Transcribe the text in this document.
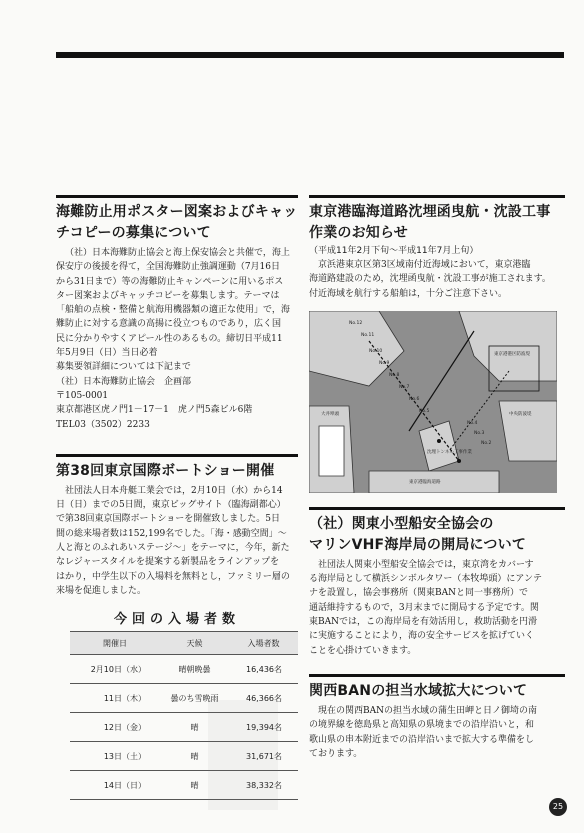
海難防止用ポスター図案およびキャッ
チコピーの募集について
（社）日本海難防止協会と海上保安協会と共催で，海上
保安庁の後援を得て，全国海難防止強調運動（7月16日
から31日まで）等の海難防止キャンペーンに用いるポス
ター図案およびキャッチコピーを募集します。テーマは
「船舶の点検・整備と航海用機器類の適正な使用」で，海
難防止に対する意識の高揚に役立つものであり，広く国
民に分かりやすくアピール性のあるもの。締切日平成11
年5月9日（日）当日必着
募集要領詳細については下記まで
（社）日本海難防止協会　企画部
〒105-0001
東京都港区虎ノ門1－17－1　虎ノ門5森ビル6階
TEL03（3502）2233
第38回東京国際ボートショー開催
社団法人日本舟艇工業会では，2月10日（水）から14
日（日）までの5日間，東京ビッグサイト（臨海副都心）
で第38回東京国際ボートショーを開催致しました。5日
間の総来場者数は152,199名でした。「海・感動空間」～
人と海とのふれあいステージ～」をテーマに，今年，新た
なレジャースタイルを提案する新製品をラインアップを
はかり，中学生以下の入場料を無料とし，ファミリー層の
来場を促進しました。
今回の入場者数
開催日	天候	入場者数
2月10日（水）	晴朝晩曇	16,436名
11日（木）	曇のち雪晩雨	46,366名
12日（金）	晴	19,394名
13日（土）	晴	31,671名
14日（日）	晴	38,332名
東京港臨海道路沈埋函曳航・沈設工事
作業のお知らせ
（平成11年2月下旬～平成11年7月上旬）
京浜港東京区第3区域南付近海域において，東京港臨
海道路建設のため，沈埋函曳航・沈設工事が施工されます。
付近海域を航行する船舶は，十分ご注意下さい。
No.12
No.11
No.10
No.9
No.8
No.7
No.6
No.5
No.4
No.3
No.2
沈埋トンネル工事作業
東京港臨海道路
中央防波堤
大井埠頭
東京港港区防波堤
（社）関東小型船安全協会の
マリンVHF海岸局の開局について
社団法人関東小型船安全協会では，東京湾をカバーす
る海岸局として横浜シンボルタワー（本牧埠頭）にアンテ
ナを設置し，協会事務所（関東BANと同一事務所）で
通話維持するもので，3月末までに開局する予定です。関
東BANでは，この海岸局を有効活用し，救助活動を円滑
に実施することにより，海の安全サービスを拡げていく
ことを心掛けていきます。
関西BANの担当水域拡大について
現在の関西BANの担当水域の蒲生田岬と日ノ御埼の南
の境界線を徳島県と高知県の県境までの沿岸沿いと，和
歌山県の串本附近までの沿岸沿いまで拡大する準備をし
ております。
25
